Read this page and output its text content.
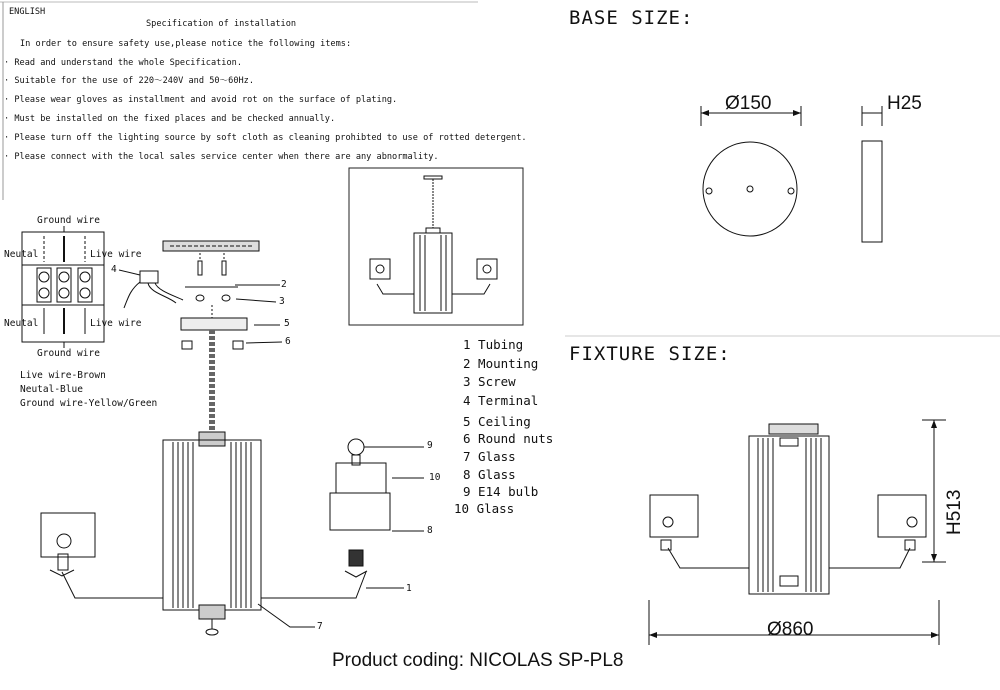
ENGLISH
Specification of installation
In order to ensure safety use,please notice the following items:
· Read and understand the whole Specification.
· Suitable for the use of 220～240V and 50～60Hz.
· Please wear gloves as installment and avoid rot on the surface of plating.
· Must be installed on the fixed places and be checked annually.
· Please turn off the lighting source by soft cloth as cleaning prohibted to use of rotted detergent.
· Please connect with the local sales service center when there are any abnormality.
Ground wire
Neutal	Live wire
Neutal	Live wire
Ground wire
Live wire-Brown
Neutal-Blue
Ground wire-Yellow/Green
1
2
3
4
5
6
7
8
9
10
1 Tubing
2 Mounting
3 Screw
4 Terminal
5 Ceiling
6 Round nuts
7 Glass
8 Glass
9 E14 bulb
10 Glass
BASE SIZE:
Ø150	H25
FIXTURE SIZE:
H513
Ø860
Product coding: NICOLAS SP-PL8
